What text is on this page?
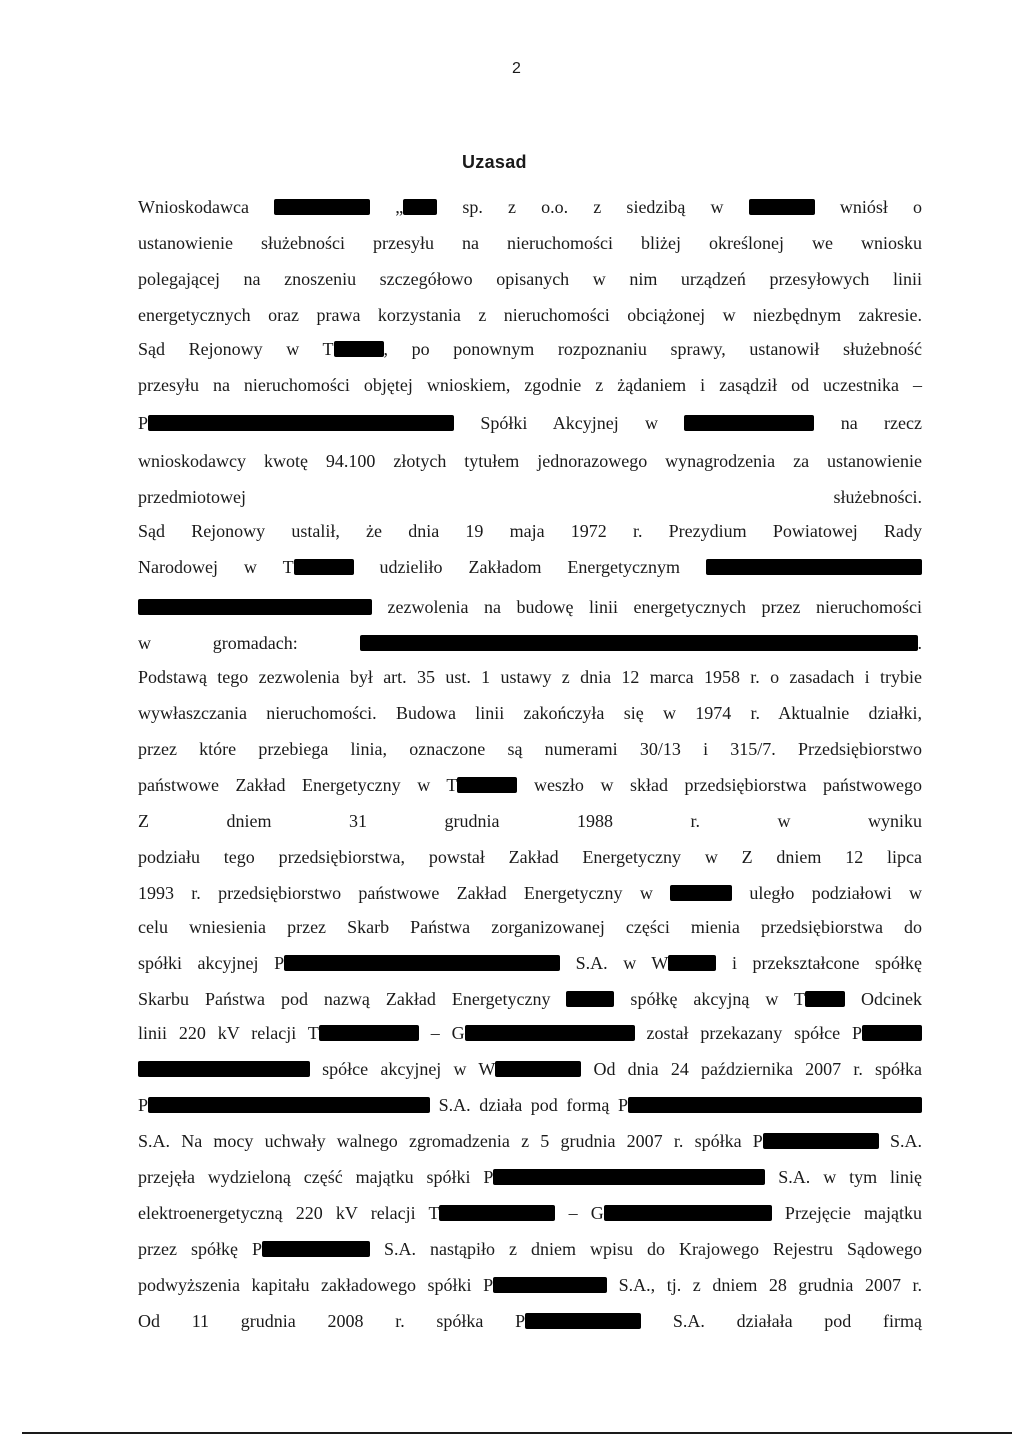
2
Uzasad
Wnioskodawca	„ sp. z o.o. z siedzibą w	wniósł o
ustanowienie służebności przesyłu na nieruchomości bliżej określonej we wniosku
polegającej na znoszeniu szczegółowo opisanych w nim urządzeń przesyłowych linii
energetycznych oraz prawa korzystania z nieruchomości obciążonej w niezbędnym zakresie.
Sąd Rejonowy w T	, po ponownym rozpoznaniu sprawy, ustanowił służebność
przesyłu na nieruchomości objętej wnioskiem, zgodnie z żądaniem i zasądził od uczestnika –
P	Spółki Akcyjnej w	na rzecz
wnioskodawcy kwotę 94.100 złotych tytułem jednorazowego wynagrodzenia za ustanowienie
przedmiotowej służebności.
Sąd Rejonowy ustalił, że dnia 19 maja 1972 r. Prezydium Powiatowej Rady
Narodowej w T	udzieliło Zakładom Energetycznym
zezwolenia na budowę linii energetycznych przez nieruchomości
w gromadach:	.
Podstawą tego zezwolenia był art. 35 ust. 1 ustawy z dnia 12 marca 1958 r. o zasadach i trybie
wywłaszczania nieruchomości. Budowa linii zakończyła się w 1974 r. Aktualnie działki,
przez które przebiega linia, oznaczone są numerami 30/13 i 315/7. Przedsiębiorstwo
państwowe Zakład Energetyczny w T	weszło w skład przedsiębiorstwa państwowego
Z dniem 31 grudnia 1988 r. w wyniku
podziału tego przedsiębiorstwa, powstał Zakład Energetyczny w Z dniem 12 lipca
1993 r. przedsiębiorstwo państwowe Zakład Energetyczny w	uległo podziałowi w
celu wniesienia przez Skarb Państwa zorganizowanej części mienia przedsiębiorstwa do
spółki akcyjnej P	S.A. w W	i przekształcone spółkę
Skarbu Państwa pod nazwą Zakład Energetyczny	spółkę akcyjną w T Odcinek
linii 220 kV relacji T	– G	został przekazany spółce P
spółce akcyjnej w W	Od dnia 24 października 2007 r. spółka
P	S.A. działa pod formą P
S.A. Na mocy uchwały walnego zgromadzenia z 5 grudnia 2007 r. spółka P	S.A.
przejęła wydzieloną część majątku spółki P	S.A. w tym linię
elektroenergetyczną 220 kV relacji T	– G	Przejęcie majątku
przez spółkę P	S.A. nastąpiło z dniem wpisu do Krajowego Rejestru Sądowego
podwyższenia kapitału zakładowego spółki P	S.A., tj. z dniem 28 grudnia 2007 r.
Od 11 grudnia 2008 r. spółka P	S.A. działała pod firmą
